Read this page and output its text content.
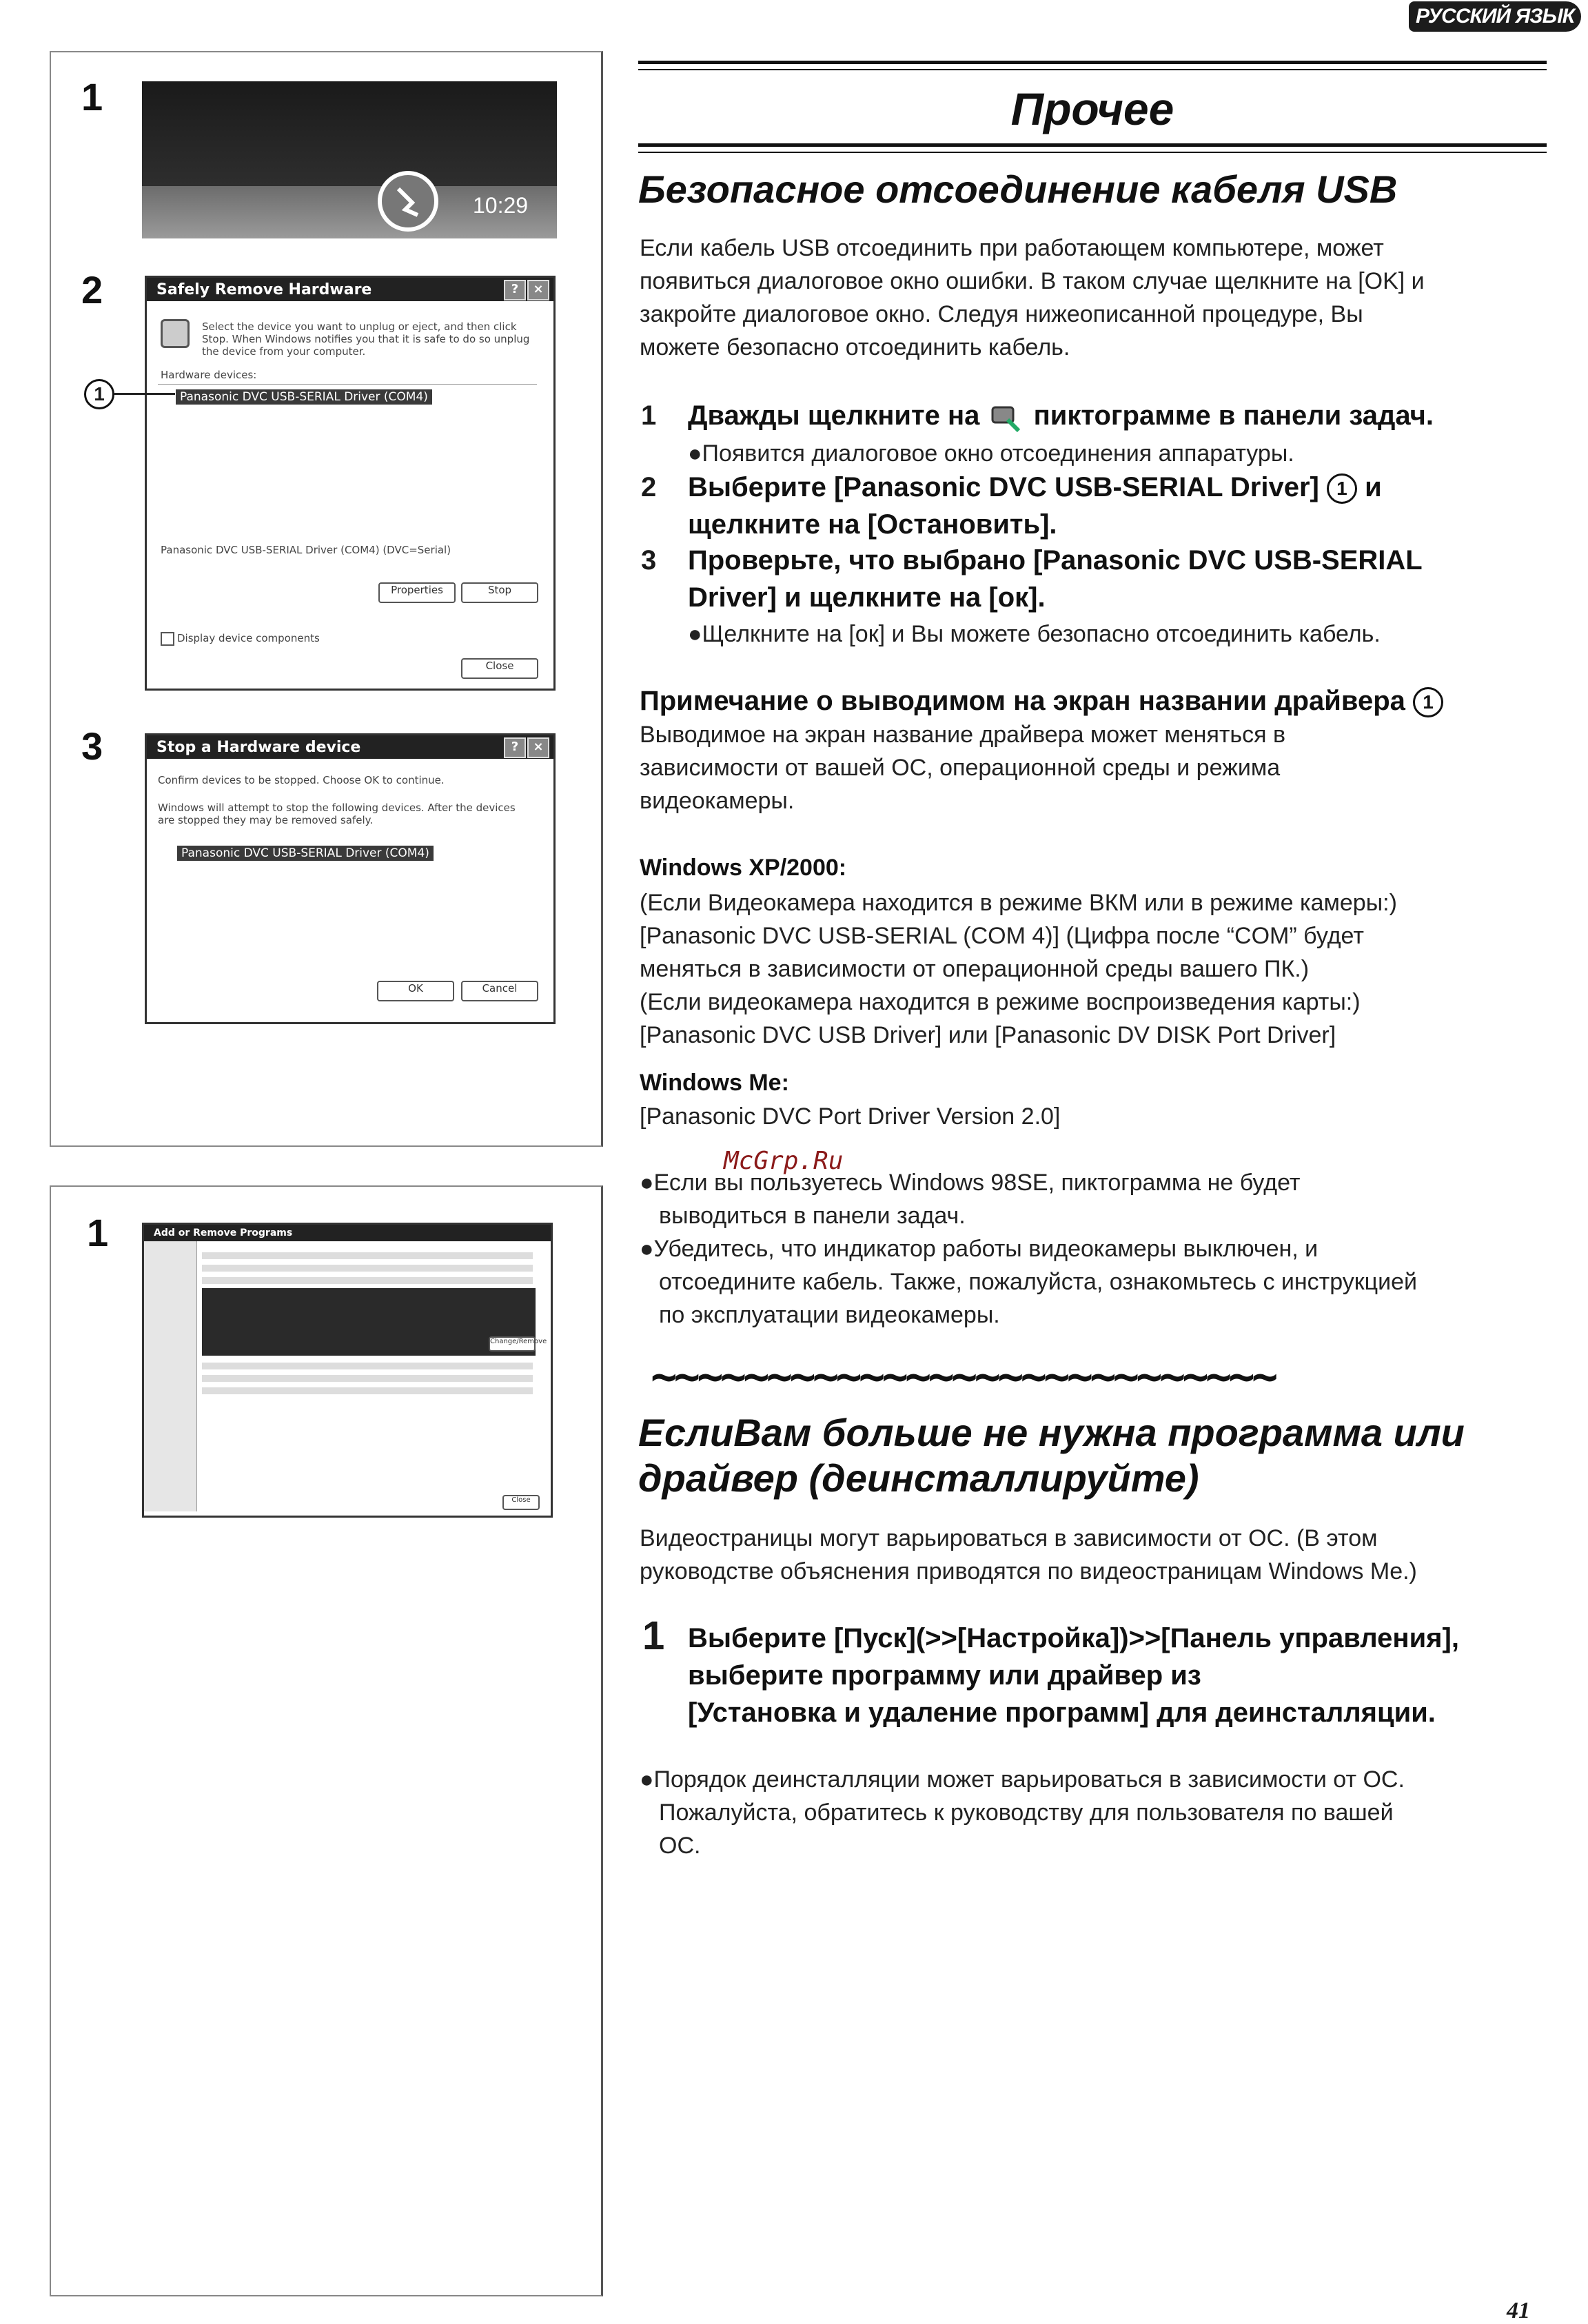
РУССКИЙ ЯЗЫК
1
10:29
2	Safely Remove Hardware	?	×
Select the device you want to unplug or eject, and then click Stop. When Windows notifies you that it is safe to do so unplug the device from your computer.
Hardware devices:
Panasonic DVC USB-SERIAL Driver (COM4)
Panasonic DVC USB-SERIAL Driver (COM4) (DVC=Serial)
Properties	Stop
Display device components
Close
1
3	Stop a Hardware device	?	×
Confirm devices to be stopped. Choose OK to continue.
Windows will attempt to stop the following devices. After the devices are stopped they may be removed safely.
Panasonic DVC USB-SERIAL Driver (COM4)
OK	Cancel
1	Add or Remove Programs
Change/Remove
Close
Прочее
Безопасное отсоединение кабеля USB
Если кабель USB отсоединить при работающем компьютере, может
появиться диалоговое окно ошибки. В таком случае щелкните на [OK] и
закройте диалоговое окно. Следуя нижеописанной процедуре, Вы
можете безопасно отсоединить кабель.
1 Дважды щелкните на пиктограмме в панели задач.
●Появится диалоговое окно отсоединения аппаратуры.
2 Выберите [Panasonic DVC USB-SERIAL Driver] 1 и
щелкните на [Остановить].
3 Проверьте, что выбрано [Panasonic DVC USB-SERIAL
Driver] и щелкните на [ок].
●Щелкните на [ок] и Вы можете безопасно отсоединить кабель.
Примечание о выводимом на экран названии драйвера 1
Выводимое на экран название драйвера может меняться в
зависимости от вашей ОС, операционной среды и режима
видеокамеры.
Windows XP/2000:
(Если Видеокамера находится в режиме ВКМ или в режиме камеры:)
[Panasonic DVC USB-SERIAL (COM 4)] (Цифра после “COM” будет
меняться в зависимости от операционной среды вашего ПК.)
(Если видеокамера находится в режиме воспроизведения карты:)
[Panasonic DVC USB Driver] или [Panasonic DV DISK Port Driver]
Windows Me:
[Panasonic DVC Port Driver Version 2.0]
McGrp.Ru
●Если вы пользуетесь Windows 98SE, пиктограмма не будет
выводиться в панели задач.
●Убедитесь, что индикатор работы видеокамеры выключен, и
отсоедините кабель. Также, пожалуйста, ознакомьтесь с инструкцией
по эксплуатации видеокамеры.
~~~~~~~~~~~~~~~~~~~~~~~~~~~
ЕслиВам больше не нужна программа или
драйвер (деинсталлируйте)
Видеостраницы могут варьироваться в зависимости от ОС. (В этом
руководстве объяснения приводятся по видеостраницам Windows Me.)
1 Выберите [Пуск](>>[Настройка])>>[Панель управления],
выберите программу или драйвер из
[Установка и удаление программ] для деинсталляции.
●Порядок деинсталляции может варьироваться в зависимости от ОС.
Пожалуйста, обратитесь к руководству для пользователя по вашей
ОС.
41
